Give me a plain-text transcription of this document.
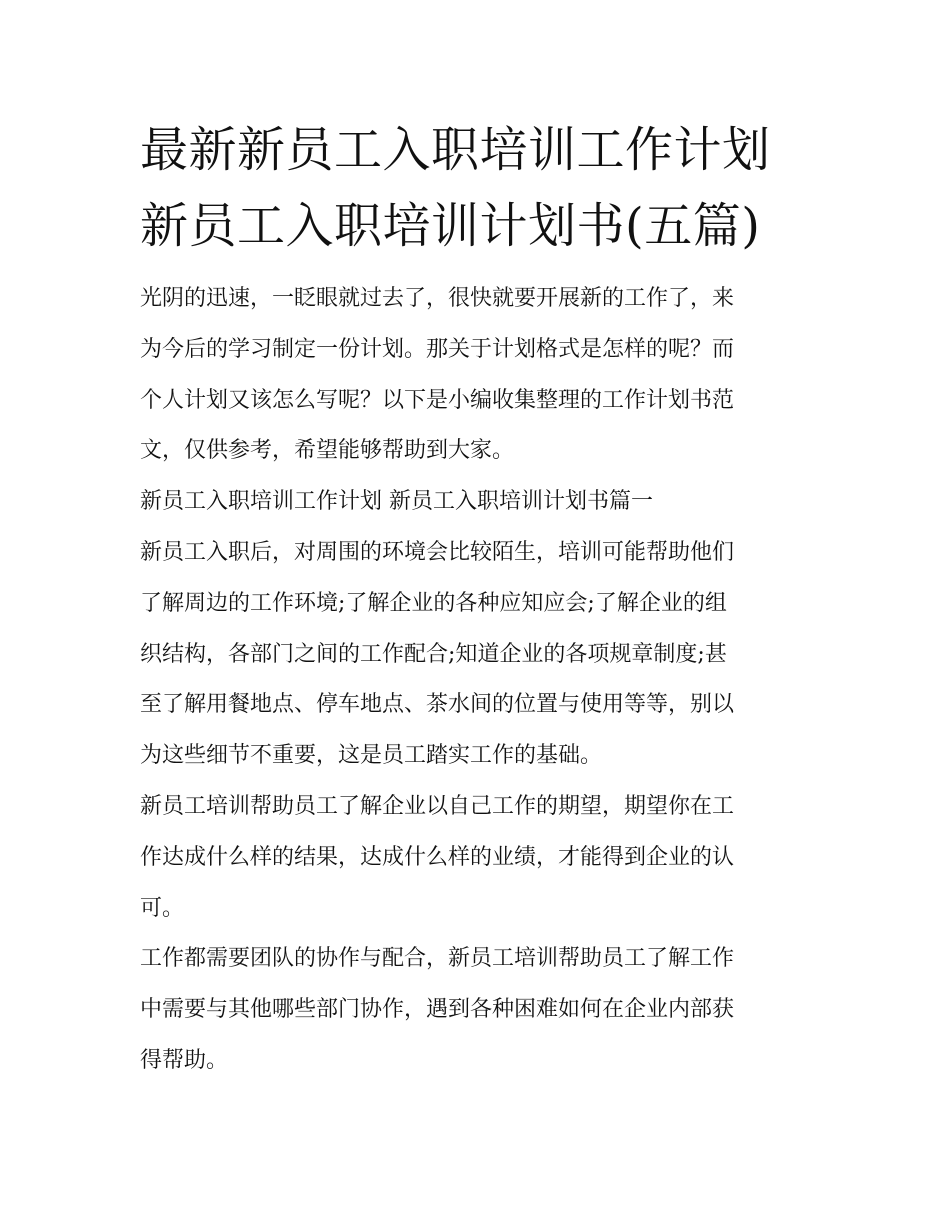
最新新员工入职培训工作计划
新员工入职培训计划书(五篇)

光阴的迅速，一眨眼就过去了，很快就要开展新的工作了，来
为今后的学习制定一份计划。那关于计划格式是怎样的呢？而
个人计划又该怎么写呢？以下是小编收集整理的工作计划书范
文，仅供参考，希望能够帮助到大家。

新员工入职培训工作计划 新员工入职培训计划书篇一

新员工入职后，对周围的环境会比较陌生，培训可能帮助他们
了解周边的工作环境;了解企业的各种应知应会;了解企业的组
织结构，各部门之间的工作配合;知道企业的各项规章制度;甚
至了解用餐地点、停车地点、茶水间的位置与使用等等，别以
为这些细节不重要，这是员工踏实工作的基础。

新员工培训帮助员工了解企业以自己工作的期望，期望你在工
作达成什么样的结果，达成什么样的业绩，才能得到企业的认
可。

工作都需要团队的协作与配合，新员工培训帮助员工了解工作
中需要与其他哪些部门协作，遇到各种困难如何在企业内部获
得帮助。
